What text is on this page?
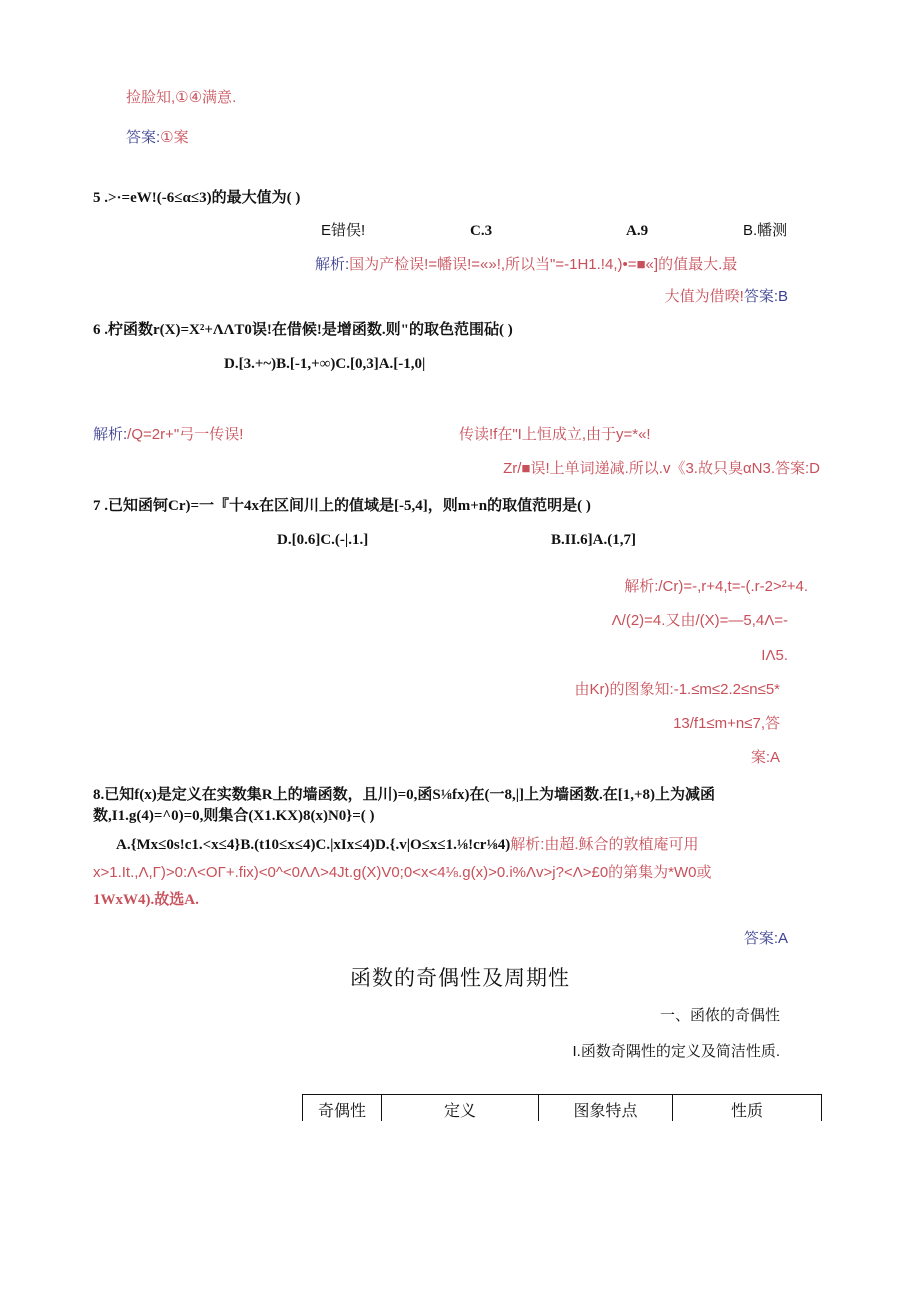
捡脸知,①④满意.
答案:①案
5 .>·=eW!(-6≤α≤3)的最大值为( )
E错俣!	C.3	A.9	B.幡测
解析:国为产检误!=幡误!=«»!,所以当"=-1H1.!4,)•=■«]的值最大.最
大值为借暌!答案:B
6 .柠函数r(X)=X²+ΛΛT0误!在借候!是增函数.则"的取色范围砧( )
D.[3.+~)B.[-1,+∞)C.[0,3]A.[-1,0|
解析:/Q=2r+"弓一传误!	传读!f在"I上恒成立,由于y=*«!
Zr/■误!上单词递减.所以.v《3.故只臭αN3.答案:D
7 .已知函钶Cr)=一『十4x在区间川上的值域是[-5,4]，则m+n的取值范明是( )
D.[0.6]C.(-|.1.]	B.II.6]A.(1,7]
解析:/Cr)=-,r+4,t=-(.r-2>²+4.
Λ/(2)=4.又由/(X)=—5,4Λ=-
IΛ5.
由Kr)的图象知:-1.≤m≤2.2≤n≤5*
13/f1≤m+n≤7,答
案:A
8.已知f(x)是定义在实数集R上的墙函数，且川)=0,函S⅛fx)在(一8,|]上为墙函数.在[1,+8)上为减函
数,I1.g(4)=^0)=0,则集合(X1.KX)8(x)N0}=( )
A.{Mx≤0s!c1.<x≤4}B.(t10≤x≤4)C.|xIx≤4)D.{.v|O≤x≤1.⅛!cr⅛4)解析:由超.稣合的敦植庵可用
x>1.It.,Λ,Γ)>0:Λ<OΓ+.fix)<0^<0ΛΛ>4Jt.g(X)V0;0<x<4⅛.g(x)>0.i%Λv>j?<Λ>£0的第集为*W0或
1WxW4).故选A.
答案:A
函数的奇偶性及周期性
一、函侬的奇偶性
I.函数奇隅性的定义及简洁性质.
奇偶性	定义	图象特点	性质
